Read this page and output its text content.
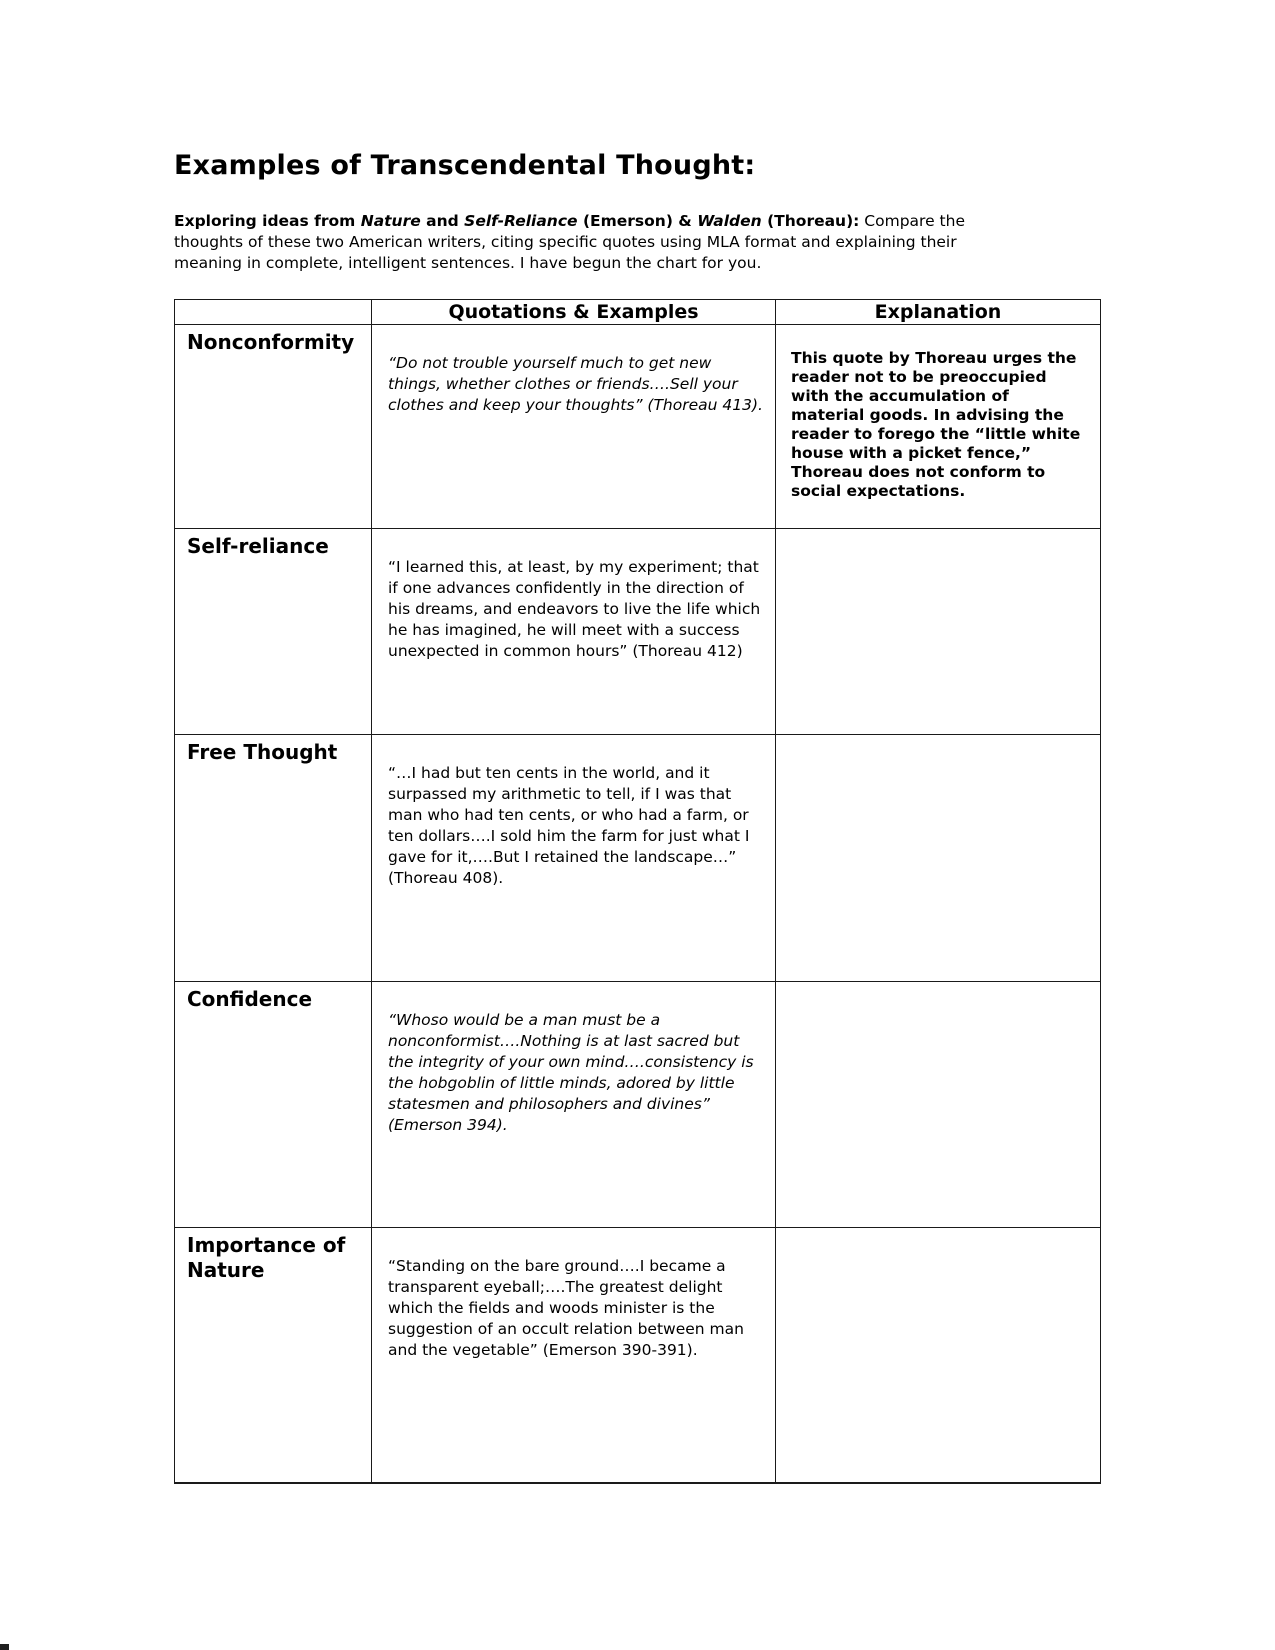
Examples of Transcendental Thought:

Exploring ideas from Nature and Self-Reliance (Emerson) & Walden (Thoreau): Compare the thoughts of these two American writers, citing specific quotes using MLA format and explaining their meaning in complete, intelligent sentences. I have begun the chart for you.

	Quotations & Examples	Explanation
Nonconformity	“Do not trouble yourself much to get new things, whether clothes or friends….Sell your clothes and keep your thoughts” (Thoreau 413).	This quote by Thoreau urges the reader not to be preoccupied with the accumulation of material goods. In advising the reader to forego the “little white house with a picket fence,” Thoreau does not conform to social expectations.
Self-reliance	“I learned this, at least, by my experiment; that if one advances confidently in the direction of his dreams, and endeavors to live the life which he has imagined, he will meet with a success unexpected in common hours” (Thoreau 412)	
Free Thought	“…I had but ten cents in the world, and it surpassed my arithmetic to tell, if I was that man who had ten cents, or who had a farm, or ten dollars….I sold him the farm for just what I gave for it,….But I retained the landscape…” (Thoreau 408).	
Confidence	“Whoso would be a man must be a nonconformist….Nothing is at last sacred but the integrity of your own mind….consistency is the hobgoblin of little minds, adored by little statesmen and philosophers and divines” (Emerson 394).	
Importance of Nature	“Standing on the bare ground….I became a transparent eyeball;….The greatest delight which the fields and woods minister is the suggestion of an occult relation between man and the vegetable” (Emerson 390-391).	
